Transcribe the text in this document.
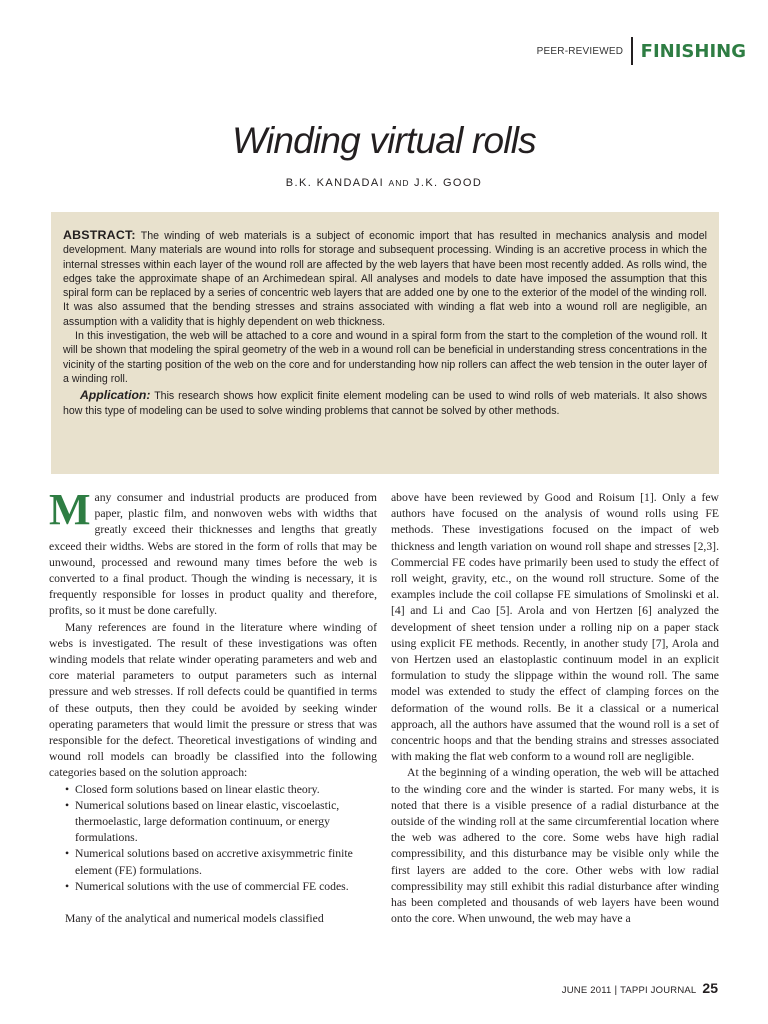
PEER-REVIEWED FINISHING
Winding virtual rolls
B.K. KANDADAI AND J.K. GOOD

ABSTRACT: The winding of web materials is a subject of economic import that has resulted in mechanics analysis and model development. Many materials are wound into rolls for storage and subsequent processing. Winding is an accretive process in which the internal stresses within each layer of the wound roll are affected by the web layers that have been most recently added. As rolls wind, the edges take the approximate shape of an Archimedean spiral. All analyses and models to date have imposed the assumption that this spiral form can be replaced by a series of concentric web layers that are added one by one to the exterior of the model of the winding roll. It was also assumed that the bending stresses and strains associated with winding a flat web into a wound roll are negligible, an assumption with a validity that is highly dependent on web thickness.

In this investigation, the web will be attached to a core and wound in a spiral form from the start to the completion of the wound roll. It will be shown that modeling the spiral geometry of the web in a wound roll can be beneficial in understanding stress concentrations in the vicinity of the starting position of the web on the core and for understanding how nip rollers can affect the web tension in the outer layer of a winding roll.

Application: This research shows how explicit finite element modeling can be used to wind rolls of web materials. It also shows how this type of modeling can be used to solve winding problems that cannot be solved by other methods.

Many consumer and industrial products are produced from paper, plastic film, and nonwoven webs with widths that greatly exceed their thicknesses and lengths that greatly exceed their widths. Webs are stored in the form of rolls that may be unwound, processed and rewound many times before the web is converted to a final product. Though the winding is necessary, it is frequently responsible for losses in product quality and therefore, profits, so it must be done carefully.

Many references are found in the literature where winding of webs is investigated. The result of these investigations was often winding models that relate winder operating parameters and web and core material parameters to output parameters such as internal pressure and web stresses. If roll defects could be quantified in terms of these outputs, then they could be avoided by seeking winder operating parameters that would limit the pressure or stress that was responsible for the defect. Theoretical investigations of winding and wound roll models can broadly be classified into the following categories based on the solution approach:

• Closed form solutions based on linear elastic theory.
• Numerical solutions based on linear elastic, viscoelastic, thermoelastic, large deformation continuum, or energy formulations.
• Numerical solutions based on accretive axisymmetric finite element (FE) formulations.
• Numerical solutions with the use of commercial FE codes.

Many of the analytical and numerical models classified

above have been reviewed by Good and Roisum [1]. Only a few authors have focused on the analysis of wound rolls using FE methods. These investigations focused on the impact of web thickness and length variation on wound roll shape and stresses [2,3]. Commercial FE codes have primarily been used to study the effect of roll weight, gravity, etc., on the wound roll structure. Some of the examples include the coil collapse FE simulations of Smolinski et al. [4] and Li and Cao [5]. Arola and von Hertzen [6] analyzed the development of sheet tension under a rolling nip on a paper stack using explicit FE methods. Recently, in another study [7], Arola and von Hertzen used an elastoplastic continuum model in an explicit formulation to study the slippage within the wound roll. The same model was extended to study the effect of clamping forces on the deformation of the wound rolls. Be it a classical or a numerical approach, all the authors have assumed that the wound roll is a set of concentric hoops and that the bending strains and stresses associated with making the flat web conform to a wound roll are negligible.

At the beginning of a winding operation, the web will be attached to the winding core and the winder is started. For many webs, it is noted that there is a visible presence of a radial disturbance at the outside of the winding roll at the same circumferential location where the web was adhered to the core. Some webs have high radial compressibility, and this disturbance may be visible only while the first layers are added to the core. Other webs with low radial compressibility may still exhibit this radial disturbance after winding has been completed and thousands of web layers have been wound onto the core. When unwound, the web may have a

JUNE 2011 | TAPPI JOURNAL 25
